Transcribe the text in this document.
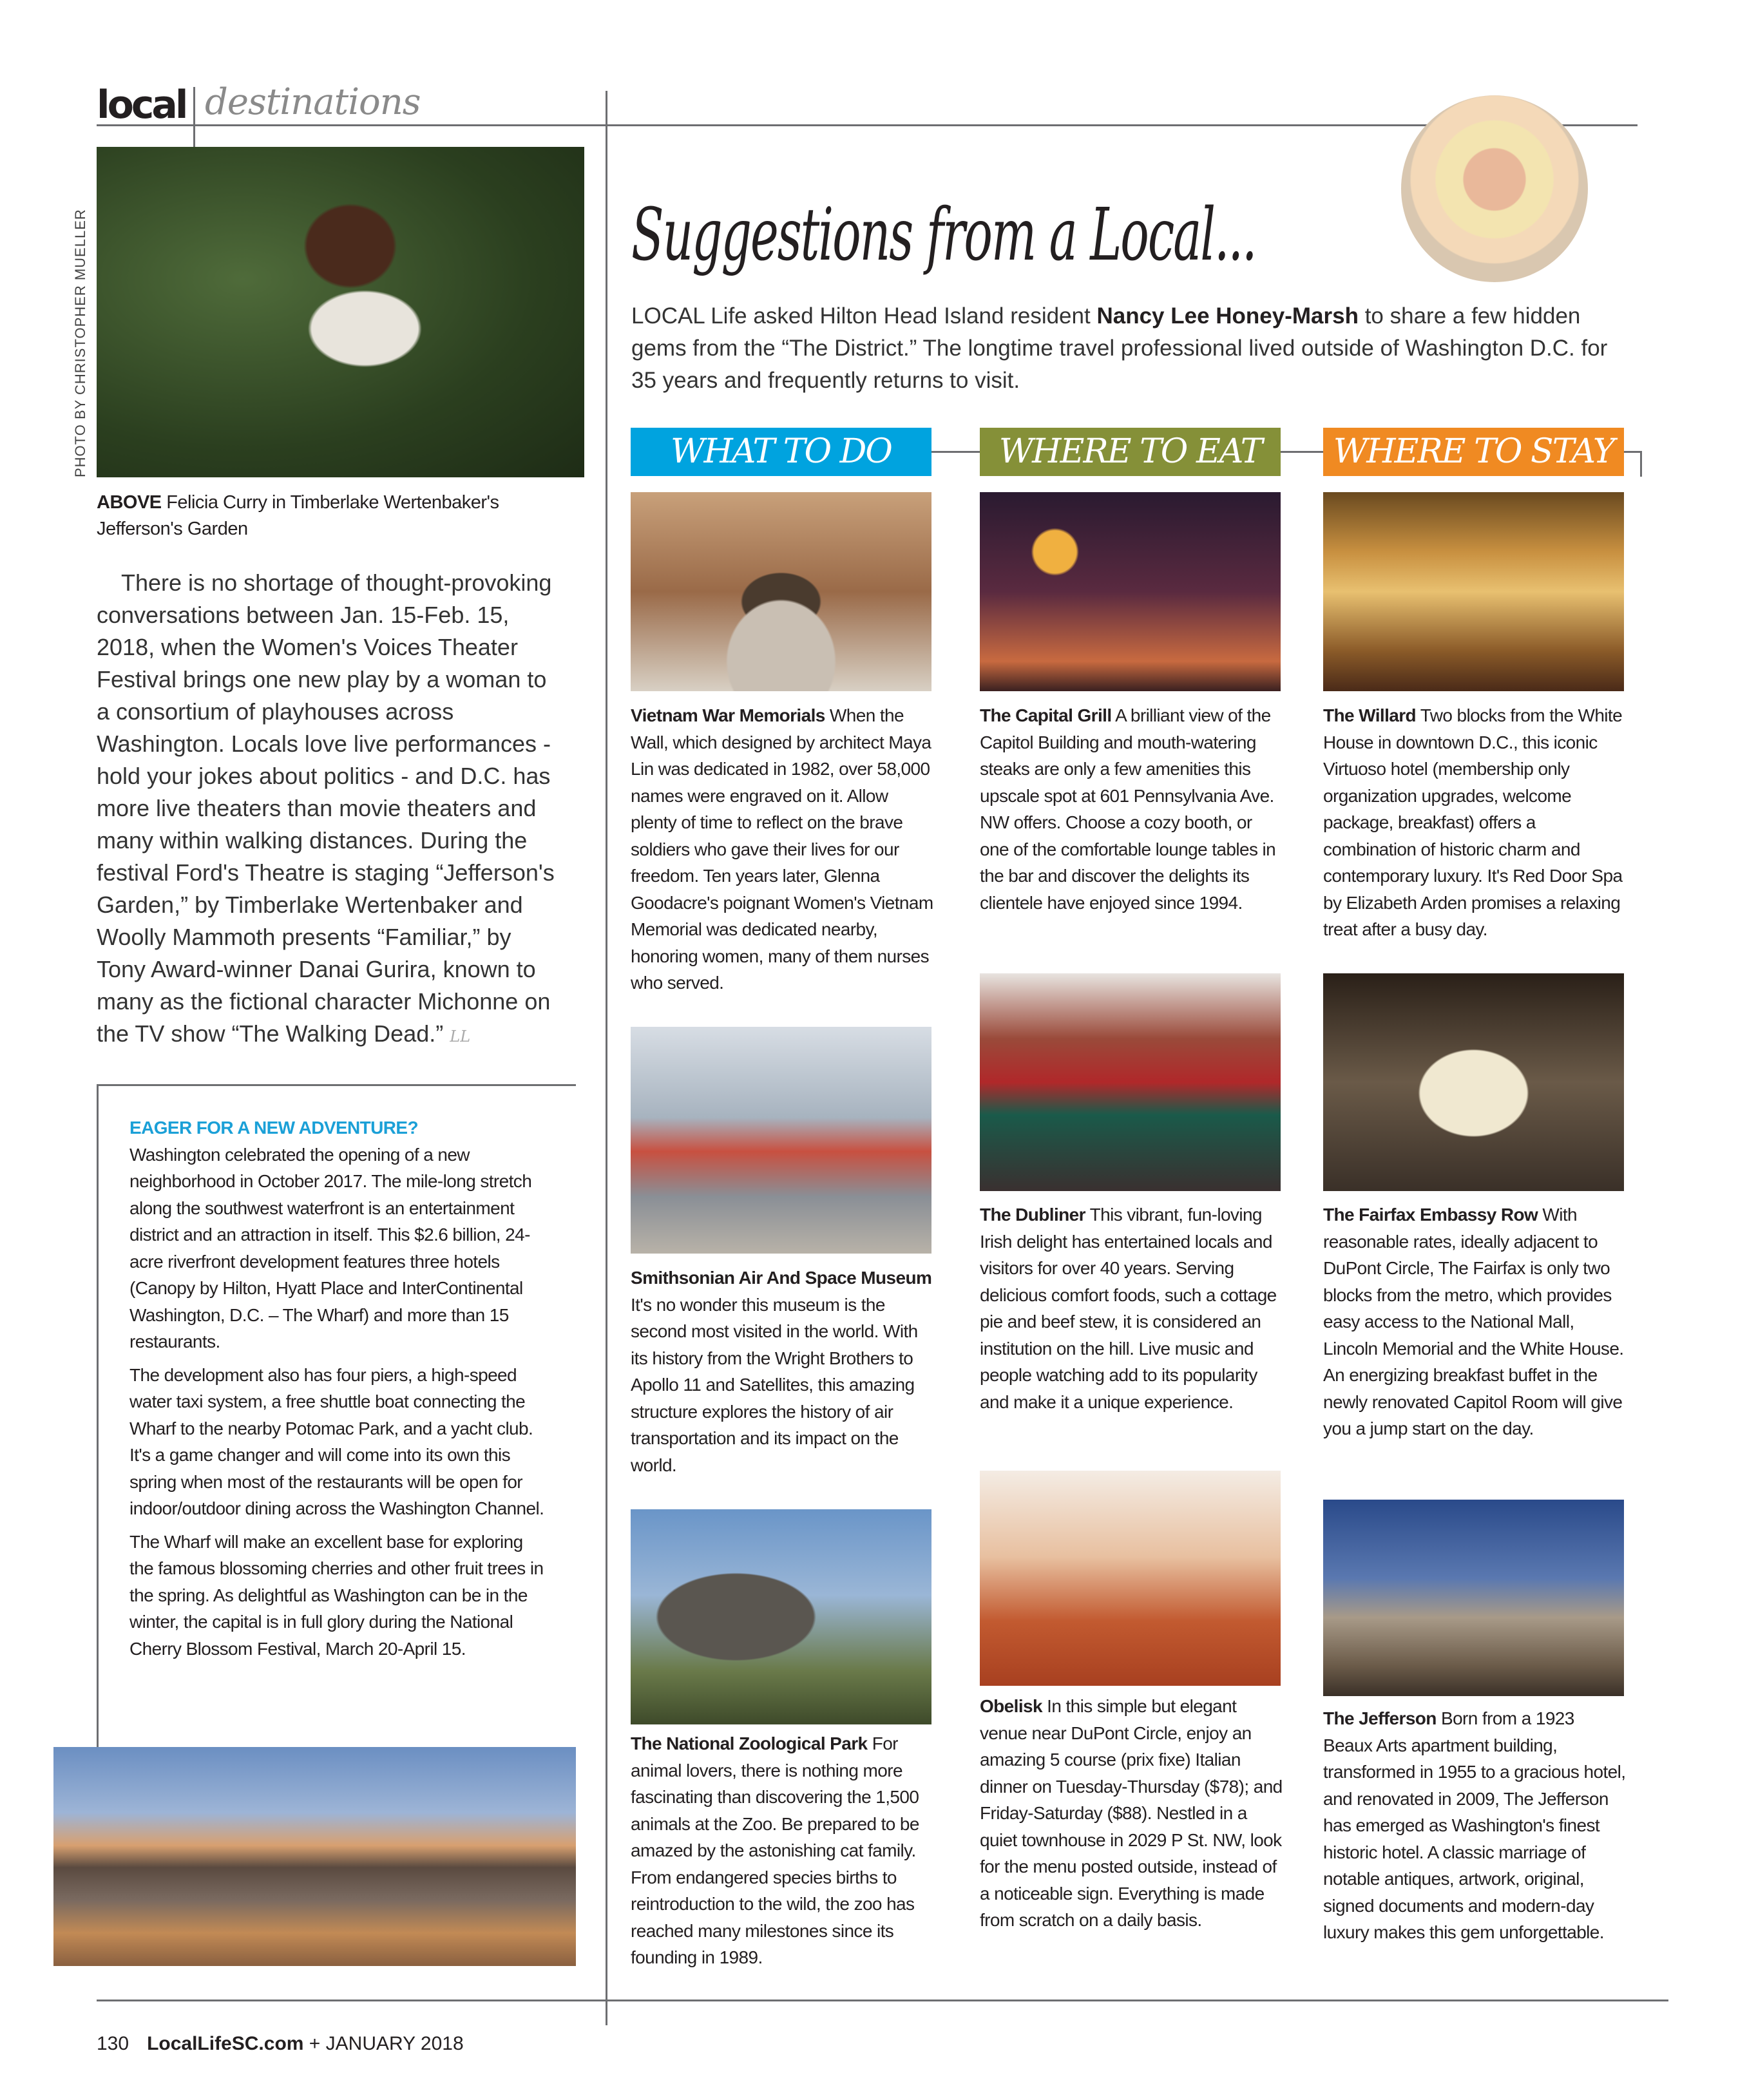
local destinations
PHOTO BY CHRISTOPHER MUELLER
ABOVE Felicia Curry in Timberlake Wertenbaker's Jefferson's Garden
There is no shortage of thought-provoking conversations between Jan. 15-Feb. 15, 2018, when the Women's Voices Theater Festival brings one new play by a woman to a consortium of playhouses across Washington. Locals love live performances - hold your jokes about politics - and D.C. has more live theaters than movie theaters and many within walking distances. During the festival Ford's Theatre is staging “Jefferson's Garden,” by Timberlake Wertenbaker and Woolly Mammoth presents “Familiar,” by Tony Award-winner Danai Gurira, known to many as the fictional character Michonne on the TV show “The Walking Dead.” LL
EAGER FOR A NEW ADVENTURE?

Washington celebrated the opening of a new neighborhood in October 2017. The mile-long stretch along the southwest waterfront is an entertainment district and an attraction in itself. This $2.6 billion, 24-acre riverfront development features three hotels (Canopy by Hilton, Hyatt Place and InterContinental Washington, D.C. – The Wharf) and more than 15 restaurants.

The development also has four piers, a high-speed water taxi system, a free shuttle boat connecting the Wharf to the nearby Potomac Park, and a yacht club. It's a game changer and will come into its own this spring when most of the restaurants will be open for indoor/outdoor dining across the Washington Channel.

The Wharf will make an excellent base for exploring the famous blossoming cherries and other fruit trees in the spring. As delightful as Washington can be in the winter, the capital is in full glory during the National Cherry Blossom Festival, March 20-April 15.

Suggestions from a Local...
LOCAL Life asked Hilton Head Island resident Nancy Lee Honey-Marsh to share a few hidden gems from the “The District.” The longtime travel professional lived outside of Washington D.C. for 35 years and frequently returns to visit.
WHAT TO DO	WHERE TO EAT	WHERE TO STAY
Vietnam War Memorials When the Wall, which designed by architect Maya Lin was dedicated in 1982, over 58,000 names were engraved on it. Allow plenty of time to reflect on the brave soldiers who gave their lives for our freedom. Ten years later, Glenna Goodacre's poignant Women's Vietnam Memorial was dedicated nearby, honoring women, many of them nurses who served.
Smithsonian Air And Space Museum It's no wonder this museum is the second most visited in the world. With its history from the Wright Brothers to Apollo 11 and Satellites, this amazing structure explores the history of air transportation and its impact on the world.
The National Zoological Park For animal lovers, there is nothing more fascinating than discovering the 1,500 animals at the Zoo. Be prepared to be amazed by the astonishing cat family. From endangered species births to reintroduction to the wild, the zoo has reached many milestones since its founding in 1989.
The Capital Grill A brilliant view of the Capitol Building and mouth-watering steaks are only a few amenities this upscale spot at 601 Pennsylvania Ave. NW offers. Choose a cozy booth, or one of the comfortable lounge tables in the bar and discover the delights its clientele have enjoyed since 1994.
The Dubliner This vibrant, fun-loving Irish delight has entertained locals and visitors for over 40 years. Serving delicious comfort foods, such a cottage pie and beef stew, it is considered an institution on the hill. Live music and people watching add to its popularity and make it a unique experience.
Obelisk In this simple but elegant venue near DuPont Circle, enjoy an amazing 5 course (prix fixe) Italian dinner on Tuesday-Thursday ($78); and Friday-Saturday ($88). Nestled in a quiet townhouse in 2029 P St. NW, look for the menu posted outside, instead of a noticeable sign. Everything is made from scratch on a daily basis.
The Willard Two blocks from the White House in downtown D.C., this iconic Virtuoso hotel (membership only organization upgrades, welcome package, breakfast) offers a combination of historic charm and contemporary luxury. It's Red Door Spa by Elizabeth Arden promises a relaxing treat after a busy day.
The Fairfax Embassy Row With reasonable rates, ideally adjacent to DuPont Circle, The Fairfax is only two blocks from the metro, which provides easy access to the National Mall, Lincoln Memorial and the White House. An energizing breakfast buffet in the newly renovated Capitol Room will give you a jump start on the day.
The Jefferson Born from a 1923 Beaux Arts apartment building, transformed in 1955 to a gracious hotel, and renovated in 2009, The Jefferson has emerged as Washington's finest historic hotel. A classic marriage of notable antiques, artwork, original, signed documents and modern-day luxury makes this gem unforgettable.
130 LocalLifeSC.com + JANUARY 2018
